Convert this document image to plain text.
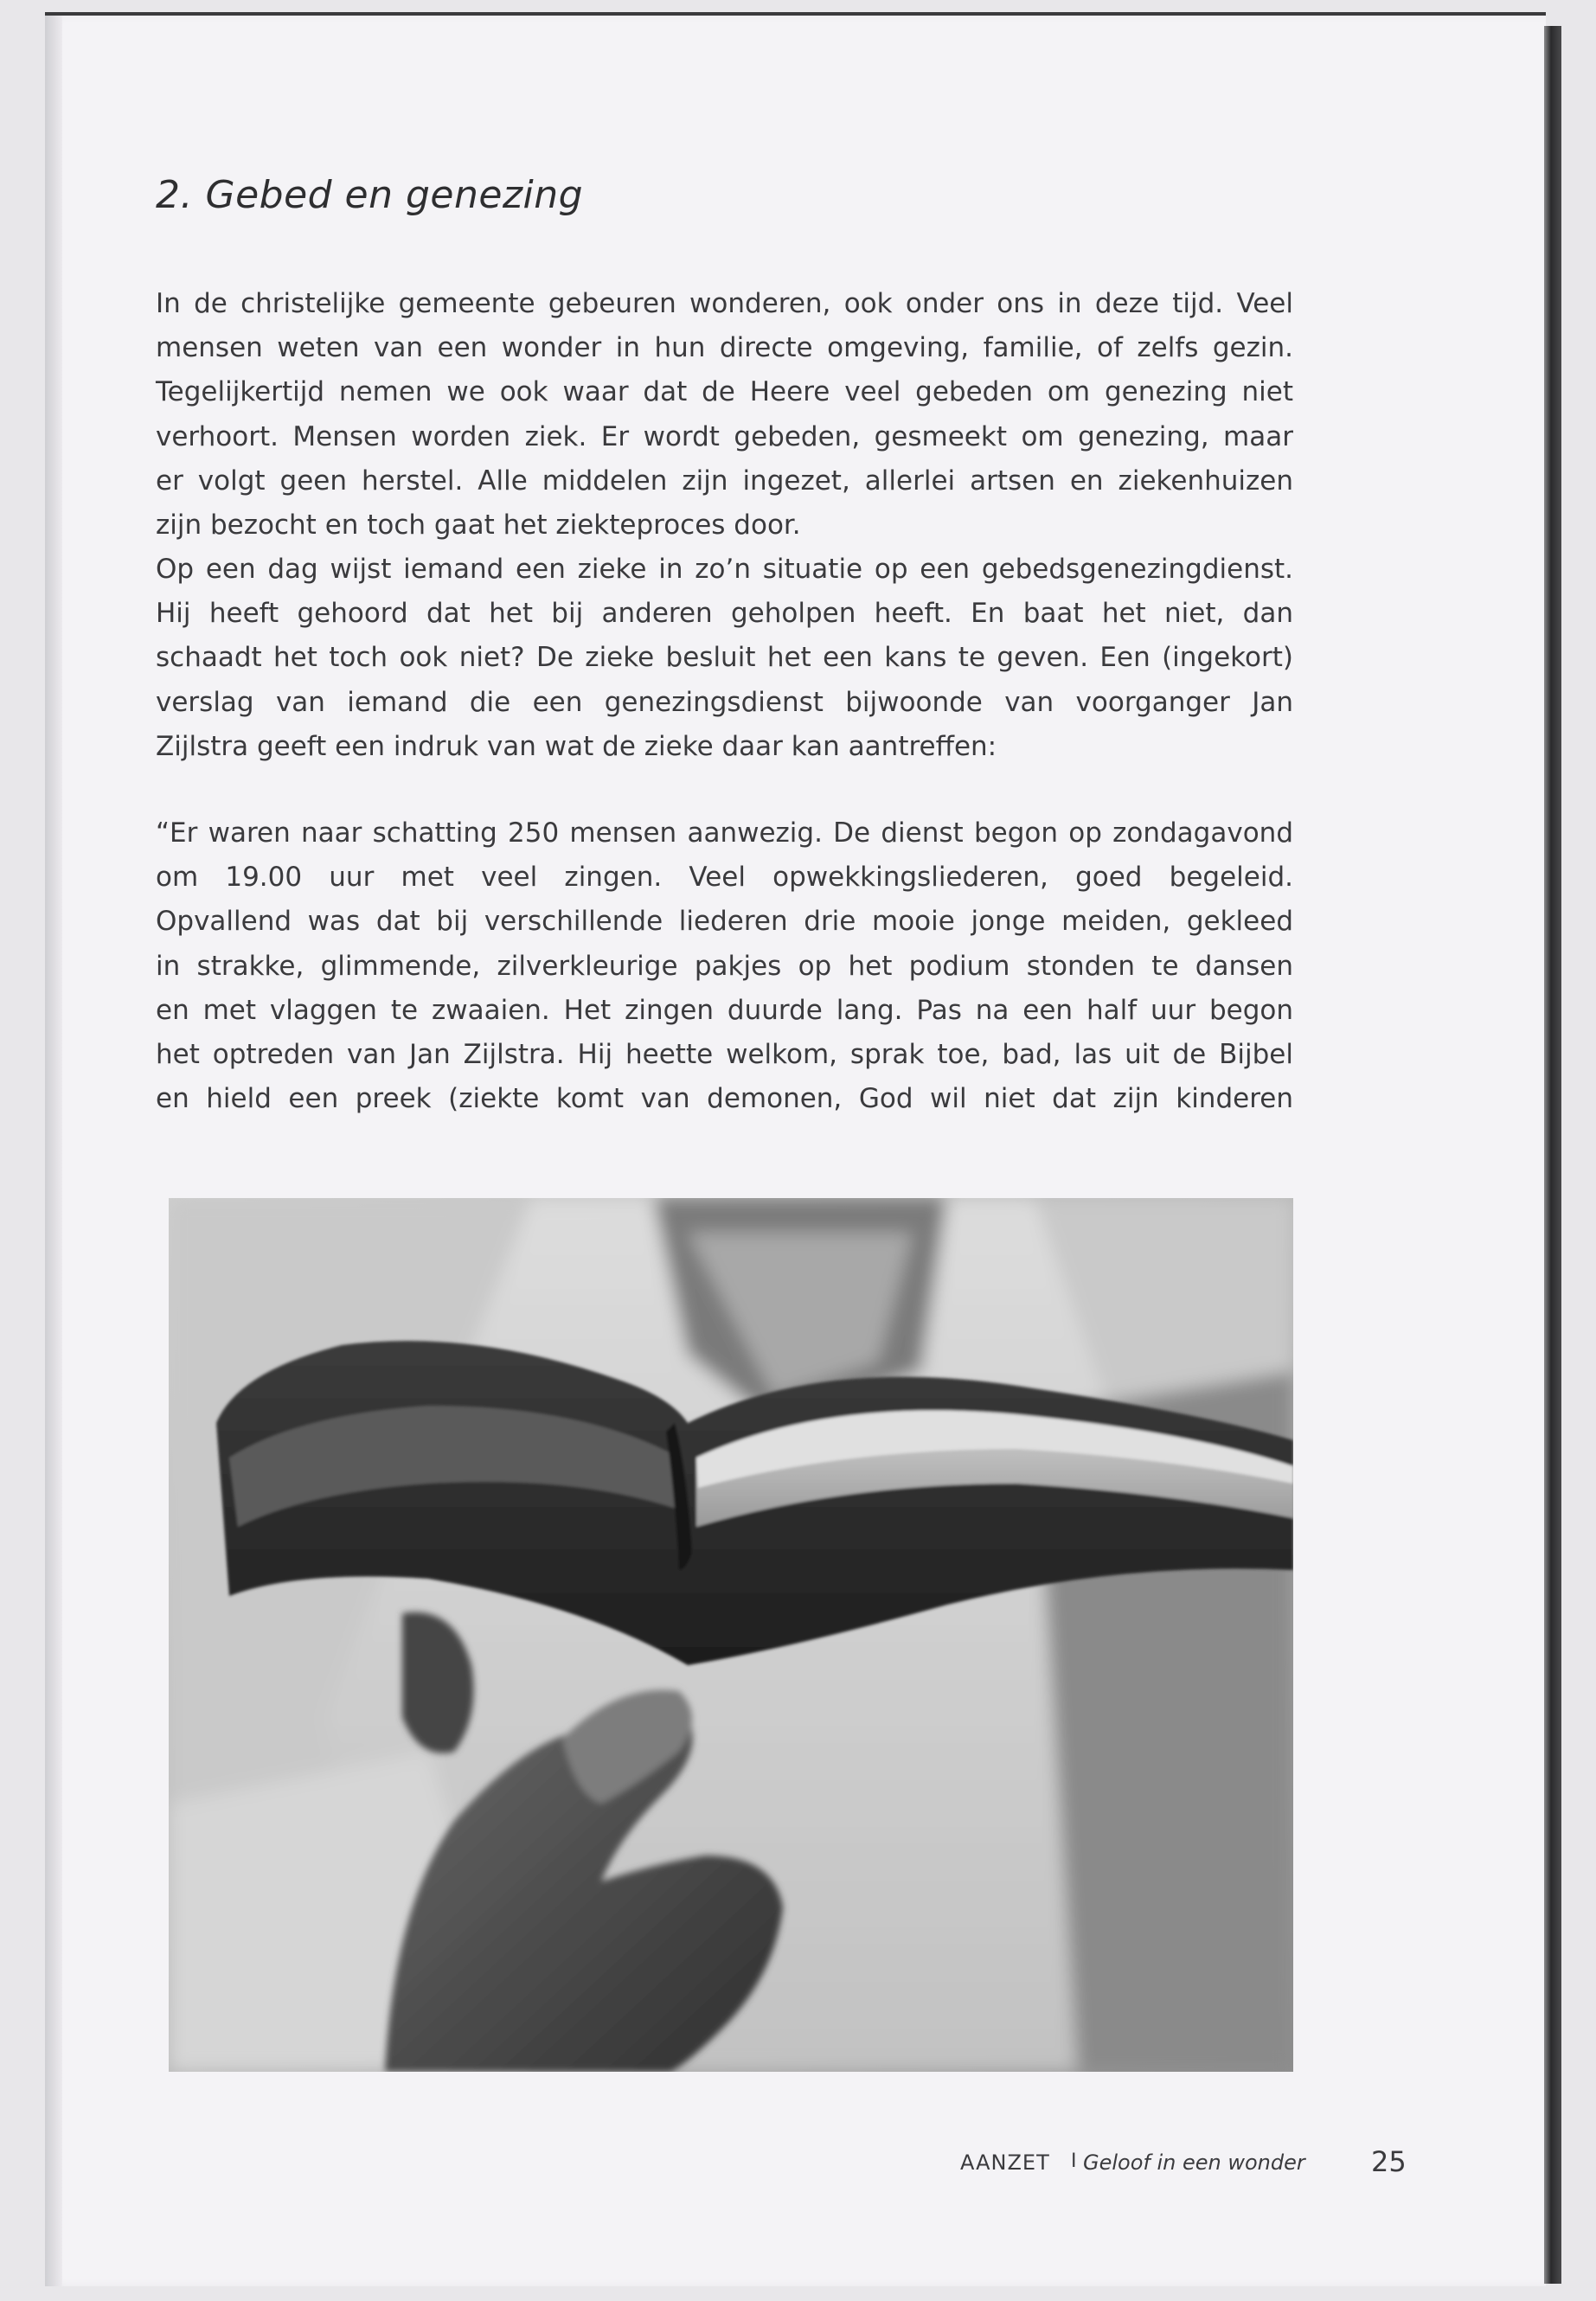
2. Gebed en genezing
In de christelijke gemeente gebeuren wonderen, ook onder ons in deze tijd. Veel
mensen weten van een wonder in hun directe omgeving, familie, of zelfs gezin.
Tegelijkertijd nemen we ook waar dat de Heere veel gebeden om genezing niet
verhoort. Mensen worden ziek. Er wordt gebeden, gesmeekt om genezing, maar
er volgt geen herstel. Alle middelen zijn ingezet, allerlei artsen en ziekenhuizen
zijn bezocht en toch gaat het ziekteproces door.
Op een dag wijst iemand een zieke in zo’n situatie op een gebedsgenezingdienst.
Hij heeft gehoord dat het bij anderen geholpen heeft. En baat het niet, dan
schaadt het toch ook niet? De zieke besluit het een kans te geven. Een (ingekort)
verslag van iemand die een genezingsdienst bijwoonde van voorganger Jan
Zijlstra geeft een indruk van wat de zieke daar kan aantreffen:
“Er waren naar schatting 250 mensen aanwezig. De dienst begon op zondagavond
om 19.00 uur met veel zingen. Veel opwekkingsliederen, goed begeleid.
Opvallend was dat bij verschillende liederen drie mooie jonge meiden, gekleed
in strakke, glimmende, zilverkleurige pakjes op het podium stonden te dansen
en met vlaggen te zwaaien. Het zingen duurde lang. Pas na een half uur begon
het optreden van Jan Zijlstra. Hij heette welkom, sprak toe, bad, las uit de Bijbel
en hield een preek (ziekte komt van demonen, God wil niet dat zijn kinderen
AANZET I Geloof in een wonder 25
